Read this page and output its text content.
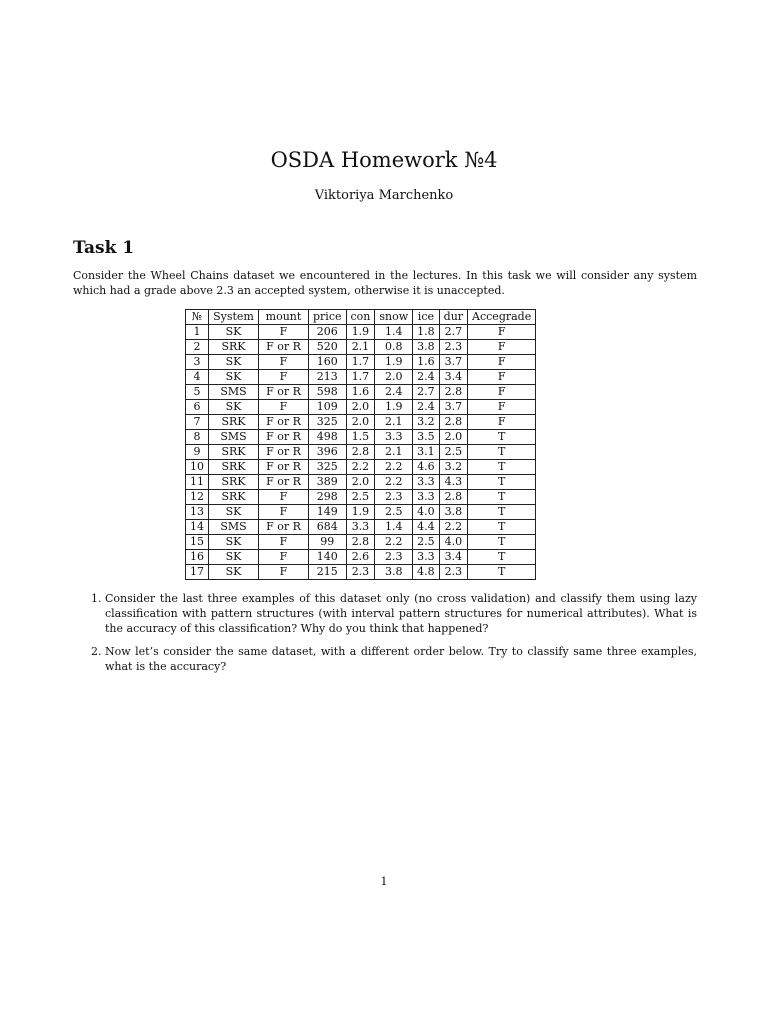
OSDA Homework №4
Viktoriya Marchenko
Task 1

Consider the Wheel Chains dataset we encountered in the lectures. In this task we will consider any system which had a grade above 2.3 an accepted system, otherwise it is unaccepted.

№	System	mount	price	con	snow	ice	dur	Accegrade
1	SK	F	206	1.9	1.4	1.8	2.7	F
2	SRK	F or R	520	2.1	0.8	3.8	2.3	F
3	SK	F	160	1.7	1.9	1.6	3.7	F
4	SK	F	213	1.7	2.0	2.4	3.4	F
5	SMS	F or R	598	1.6	2.4	2.7	2.8	F
6	SK	F	109	2.0	1.9	2.4	3.7	F
7	SRK	F or R	325	2.0	2.1	3.2	2.8	F
8	SMS	F or R	498	1.5	3.3	3.5	2.0	T
9	SRK	F or R	396	2.8	2.1	3.1	2.5	T
10	SRK	F or R	325	2.2	2.2	4.6	3.2	T
11	SRK	F or R	389	2.0	2.2	3.3	4.3	T
12	SRK	F	298	2.5	2.3	3.3	2.8	T
13	SK	F	149	1.9	2.5	4.0	3.8	T
14	SMS	F or R	684	3.3	1.4	4.4	2.2	T
15	SK	F	99	2.8	2.2	2.5	4.0	T
16	SK	F	140	2.6	2.3	3.3	3.4	T
17	SK	F	215	2.3	3.8	4.8	2.3	T
1. Consider the last three examples of this dataset only (no cross validation) and classify them using lazy classification with pattern structures (with interval pattern structures for numerical attributes). What is the accuracy of this classification? Why do you think that happened?
2. Now let’s consider the same dataset, with a different order below. Try to classify same three examples, what is the accuracy?
1
